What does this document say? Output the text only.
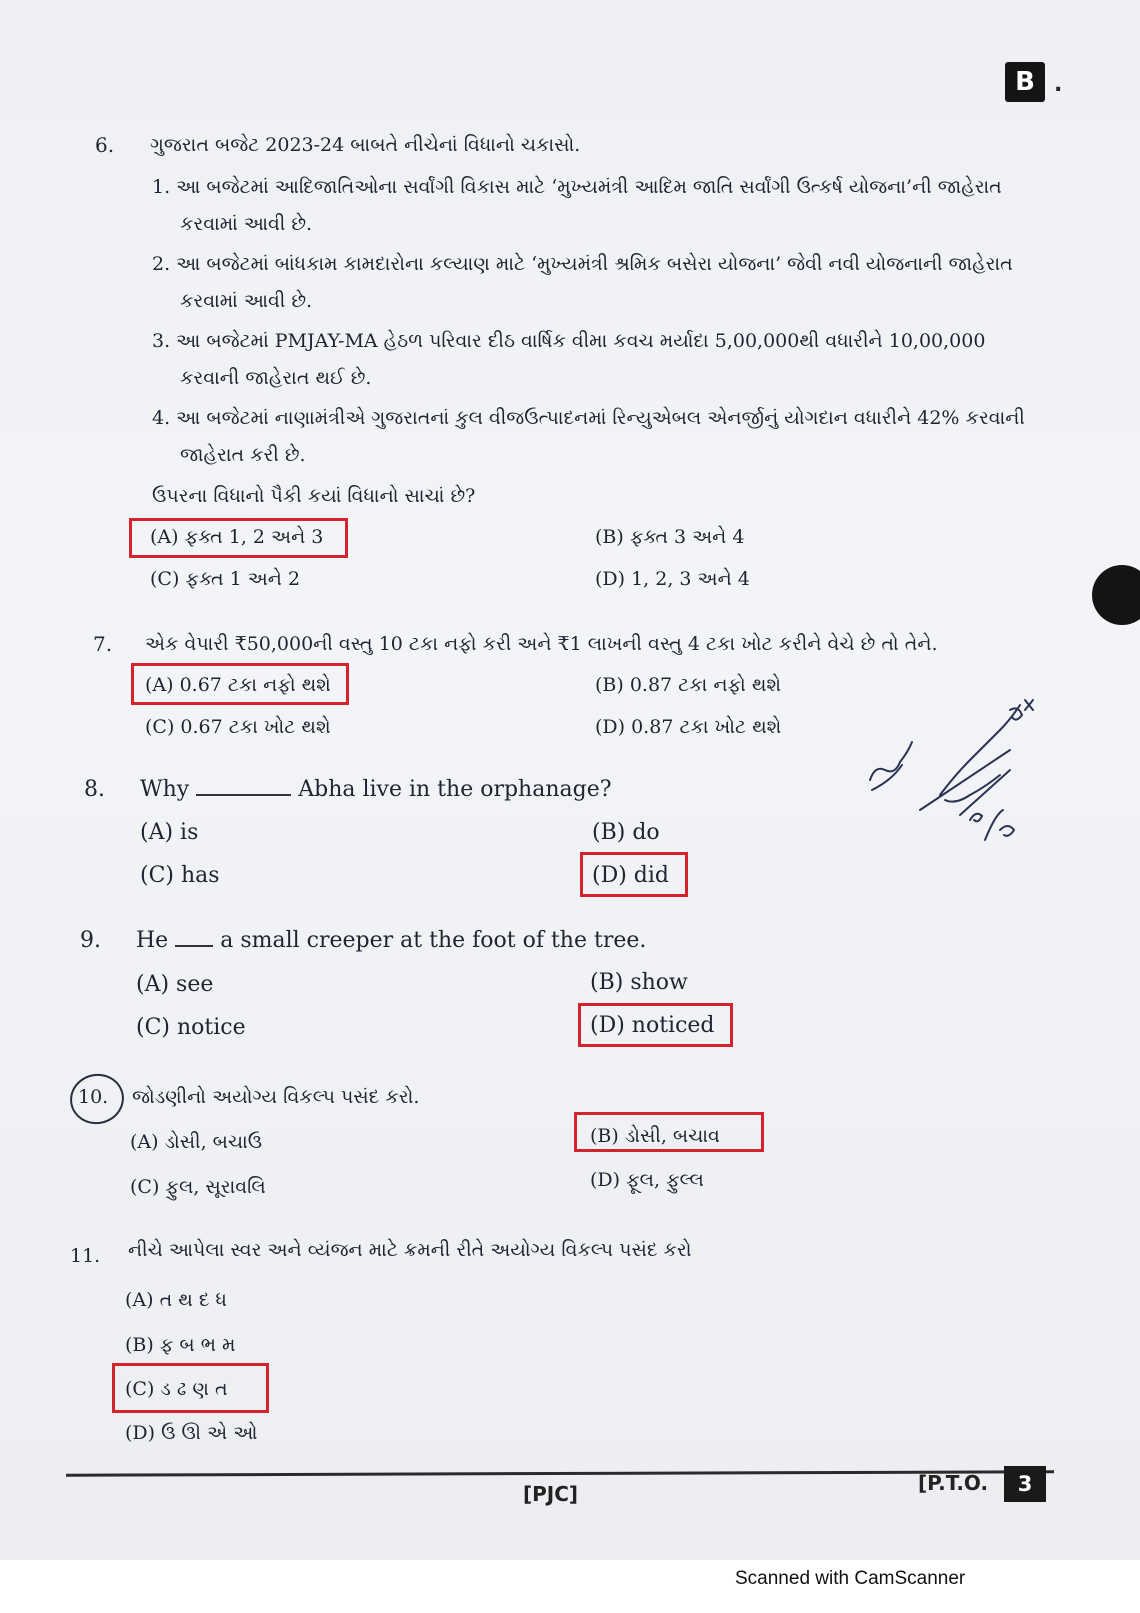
B .
6. ગુજરાત બજેટ 2023-24 બાબતે નીચેનાં વિધાનો ચકાસો.
1. આ બજેટમાં આદિજાતિઓના સર્વાંગી વિકાસ માટે ‘મુખ્યમંત્રી આદિમ જાતિ સર્વાંગી ઉત્કર્ષ યોજના’ની જાહેરાત
કરવામાં આવી છે.
2. આ બજેટમાં બાંધકામ કામદારોના કલ્યાણ માટે ‘મુખ્યમંત્રી શ્રમિક બસેરા યોજના’ જેવી નવી યોજનાની જાહેરાત
કરવામાં આવી છે.
3. આ બજેટમાં PMJAY-MA હેઠળ પરિવાર દીઠ વાર્ષિક વીમા કવચ મર્યાદા 5,00,000થી વધારીને 10,00,000
કરવાની જાહેરાત થઈ છે.
4. આ બજેટમાં નાણામંત્રીએ ગુજરાતનાં કુલ વીજઉત્પાદનમાં રિન્યુએબલ એનર્જીનું યોગદાન વધારીને 42% કરવાની
જાહેરાત કરી છે.
ઉપરના વિધાનો પૈકી કયાં વિધાનો સાચાં છે?
(A) ફક્ત 1, 2 અને 3	(B) ફક્ત 3 અને 4
(C) ફક્ત 1 અને 2	(D) 1, 2, 3 અને 4
7. એક વેપારી ₹50,000ની વસ્તુ 10 ટકા નફો કરી અને ₹1 લાખની વસ્તુ 4 ટકા ખોટ કરીને વેચે છે તો તેને.
(A) 0.67 ટકા નફો થશે	(B) 0.87 ટકા નફો થશે
(C) 0.67 ટકા ખોટ થશે	(D) 0.87 ટકા ખોટ થશે
8. Why	Abha live in the orphanage?
(A) is	(B) do
(C) has	(D) did
9. He a small creeper at the foot of the tree.
(A) see	(B) show
(C) notice	(D) noticed
10. જોડણીનો અયોગ્ય વિકલ્પ પસંદ કરો.
(A) ડોસી, બચાઉ	(B) ડોસી, બચાવ
(C) ફુલ, સૂરાવલિ	(D) ફૂલ, ફુલ્લ
11. નીચે આપેલા સ્વર અને વ્યંજન માટે ક્રમની રીતે અયોગ્ય વિકલ્પ પસંદ કરો
(A) ત થ દ ધ
(B) ફ બ ભ મ
(C) ડ ઢ ણ ત
(D) ઉ ઊ એ ઓ
[PJC]	[P.T.O.	3
Scanned with CamScanner
